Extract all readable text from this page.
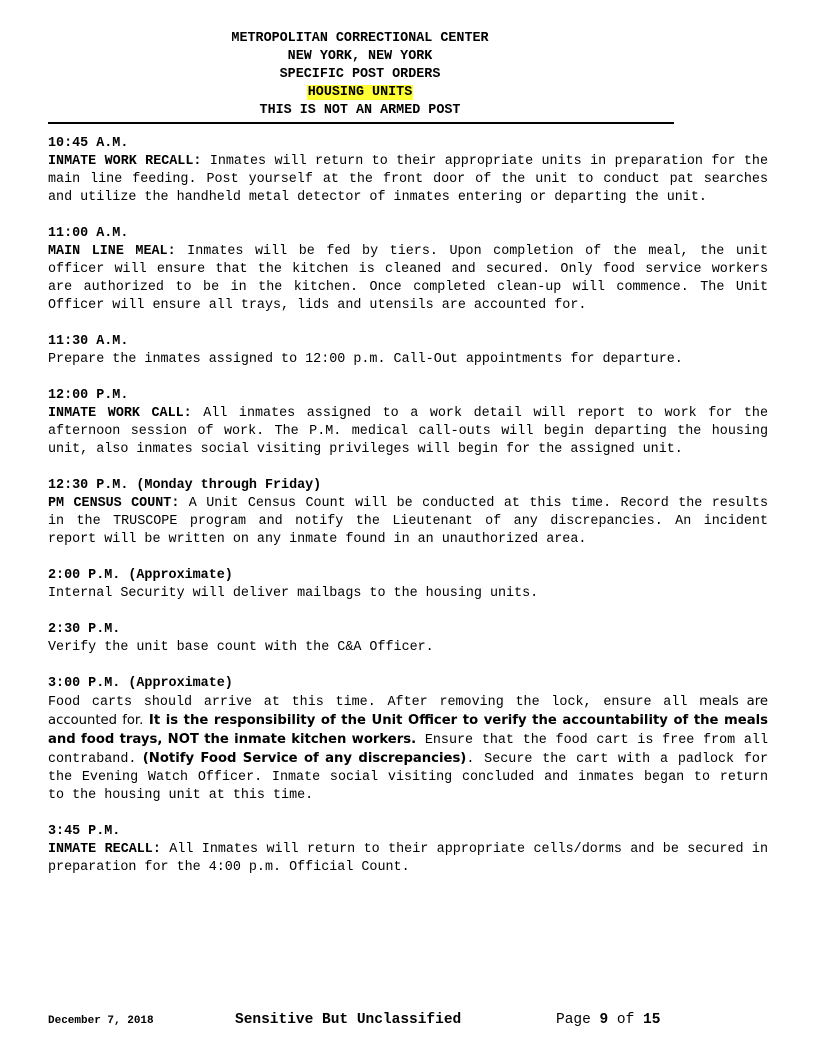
METROPOLITAN CORRECTIONAL CENTER
NEW YORK, NEW YORK
SPECIFIC POST ORDERS
HOUSING UNITS
THIS IS NOT AN ARMED POST
10:45 A.M.

INMATE WORK RECALL: Inmates will return to their appropriate units in preparation for the main line feeding. Post yourself at the front door of the unit to conduct pat searches and utilize the handheld metal detector of inmates entering or departing the unit.

11:00 A.M.

MAIN LINE MEAL: Inmates will be fed by tiers. Upon completion of the meal, the unit officer will ensure that the kitchen is cleaned and secured. Only food service workers are authorized to be in the kitchen. Once completed clean-up will commence. The Unit Officer will ensure all trays, lids and utensils are accounted for.

11:30 A.M.

Prepare the inmates assigned to 12:00 p.m. Call-Out appointments for departure.

12:00 P.M.

INMATE WORK CALL: All inmates assigned to a work detail will report to work for the afternoon session of work. The P.M. medical call-outs will begin departing the housing unit, also inmates social visiting privileges will begin for the assigned unit.

12:30 P.M. (Monday through Friday)

PM CENSUS COUNT: A Unit Census Count will be conducted at this time. Record the results in the TRUSCOPE program and notify the Lieutenant of any discrepancies. An incident report will be written on any inmate found in an unauthorized area.

2:00 P.M. (Approximate)

Internal Security will deliver mailbags to the housing units.

2:30 P.M.

Verify the unit base count with the C&A Officer.

3:00 P.M. (Approximate)

Food carts should arrive at this time. After removing the lock, ensure all meals are accounted for. It is the responsibility of the Unit Officer to verify the accountability of the meals and food trays, NOT the inmate kitchen workers. Ensure that the food cart is free from all contraband. (Notify Food Service of any discrepancies). Secure the cart with a padlock for the Evening Watch Officer. Inmate social visiting concluded and inmates began to return to the housing unit at this time.

3:45 P.M.

INMATE RECALL: All Inmates will return to their appropriate cells/dorms and be secured in preparation for the 4:00 p.m. Official Count.

December 7, 2018	Sensitive But Unclassified	Page 9 of 15
